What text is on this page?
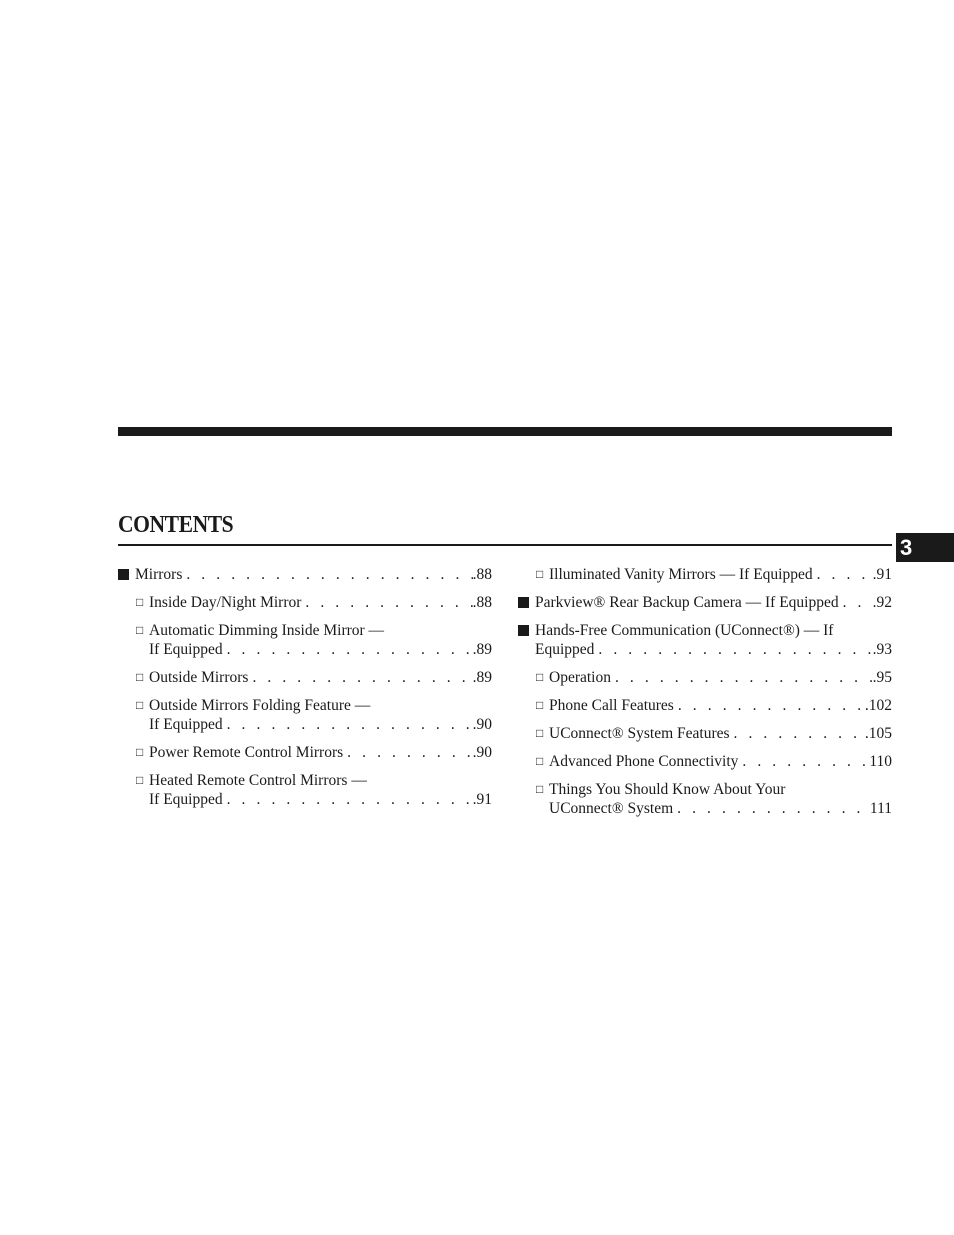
CONTENTS
3
Mirrors . . .	.88
□ Inside Day/Night Mirror . . .	.88
□ Automatic Dimming Inside Mirror —
If Equipped . . .	.89
□ Outside Mirrors . . .	.89
□ Outside Mirrors Folding Feature —
If Equipped . . .	.90
□ Power Remote Control Mirrors . . .	.90
□ Heated Remote Control Mirrors —
If Equipped . . .	.91
□ Illuminated Vanity Mirrors — If Equipped . . .	.91
Parkview® Rear Backup Camera — If Equipped . . . .92
Hands-Free Communication (UConnect®) — If
Equipped . . .	.93
□ Operation . . .	.95
□ Phone Call Features . . .	.102
□ UConnect® System Features . . .	.105
□ Advanced Phone Connectivity . . .	110
□ Things You Should Know About Your
UConnect® System . . .	111
